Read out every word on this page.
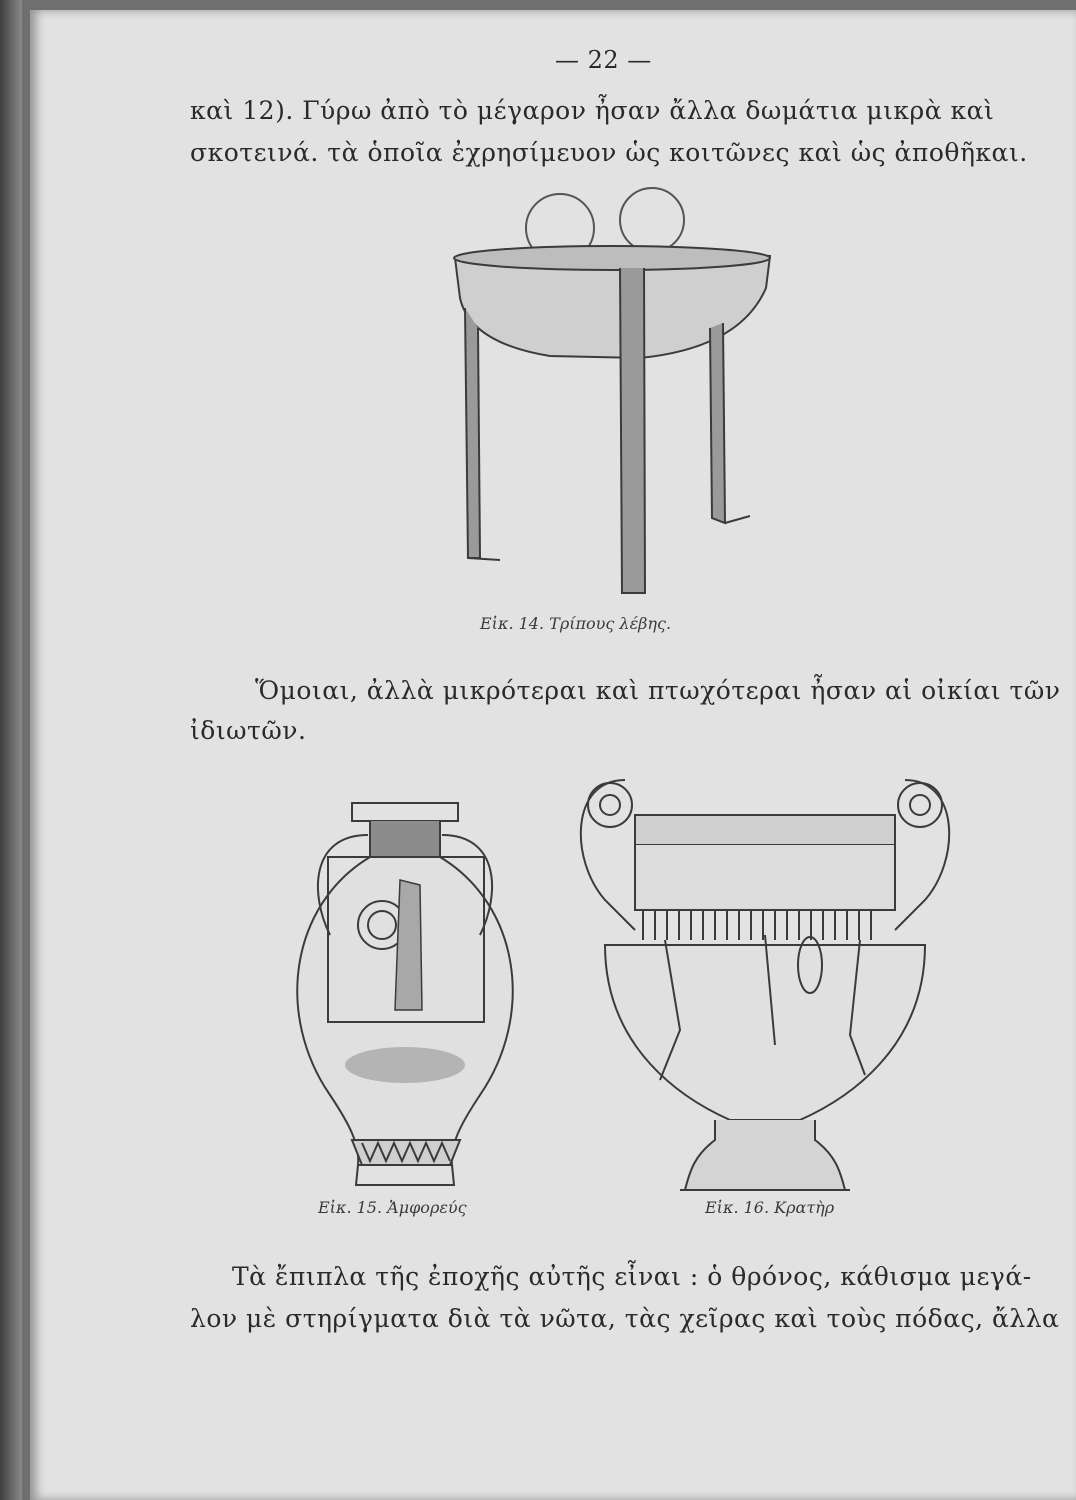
— 22 —
καὶ 12). Γύρω ἀπὸ τὸ μέγαρον ἦσαν ἄλλα δωμάτια μικρὰ καὶ
σκοτεινά. τὰ ὁποῖα ἐχρησίμευον ὡς κοιτῶνες καὶ ὡς ἀποθῆκαι.
Εἰκ. 14. Τρίπους λέβης.
Ὅμοιαι, ἀλλὰ μικρότεραι καὶ πτωχότεραι ἦσαν αἱ οἰκίαι τῶν
ἰδιωτῶν.
Εἰκ. 15. Ἀμφορεύς	Εἰκ. 16. Κρατὴρ
Τὰ ἔπιπλα τῆς ἐποχῆς αὐτῆς εἶναι : ὁ θρόνος, κάθισμα μεγά-
λον μὲ στηρίγματα διὰ τὰ νῶτα, τὰς χεῖρας καὶ τοὺς πόδας, ἄλλα
